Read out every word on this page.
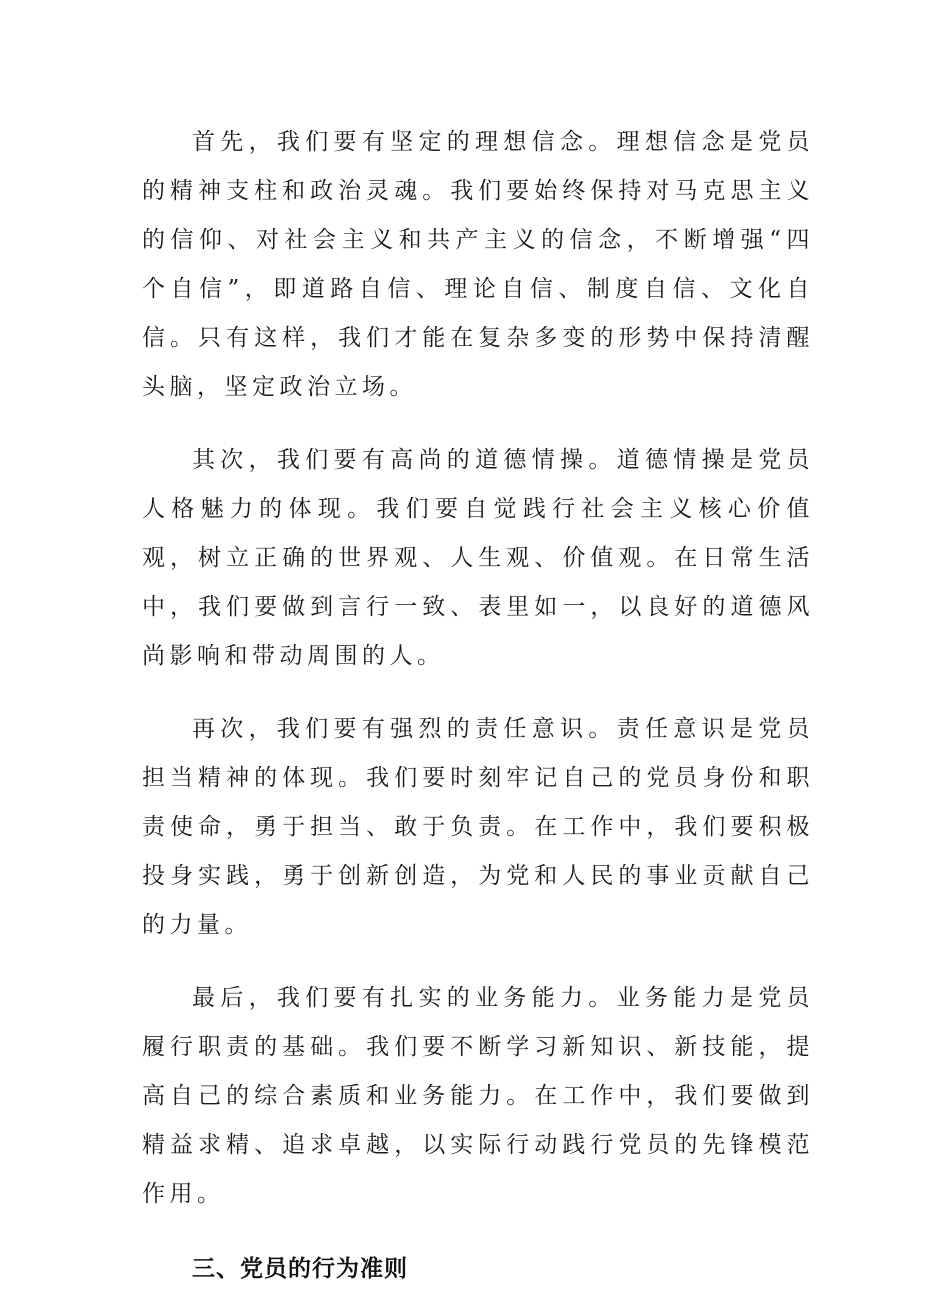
首先，我们要有坚定的理想信念。理想信念是党员的精神支柱和政治灵魂。我们要始终保持对马克思主义的信仰、对社会主义和共产主义的信念，不断增强“四个自信”，即道路自信、理论自信、制度自信、文化自信。只有这样，我们才能在复杂多变的形势中保持清醒头脑，坚定政治立场。

其次，我们要有高尚的道德情操。道德情操是党员人格魅力的体现。我们要自觉践行社会主义核心价值观，树立正确的世界观、人生观、价值观。在日常生活中，我们要做到言行一致、表里如一，以良好的道德风尚影响和带动周围的人。

再次，我们要有强烈的责任意识。责任意识是党员担当精神的体现。我们要时刻牢记自己的党员身份和职责使命，勇于担当、敢于负责。在工作中，我们要积极投身实践，勇于创新创造，为党和人民的事业贡献自己的力量。

最后，我们要有扎实的业务能力。业务能力是党员履行职责的基础。我们要不断学习新知识、新技能，提高自己的综合素质和业务能力。在工作中，我们要做到精益求精、追求卓越，以实际行动践行党员的先锋模范作用。

三、党员的行为准则
